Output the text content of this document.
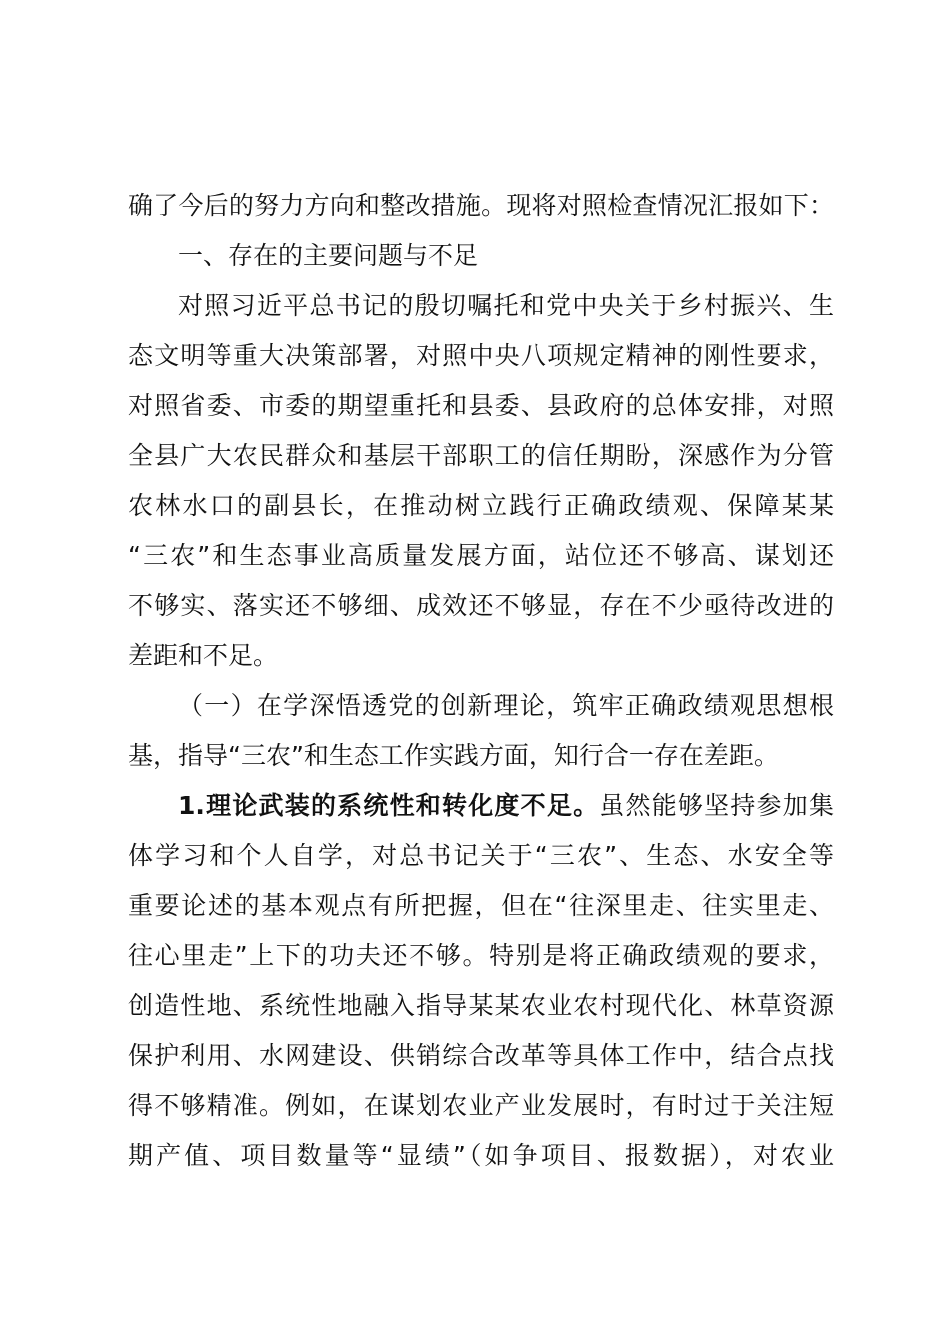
确了今后的努力方向和整改措施。现将对照检查情况汇报如下：
一、存在的主要问题与不足
对照习近平总书记的殷切嘱托和党中央关于乡村振兴、生
态文明等重大决策部署，对照中央八项规定精神的刚性要求，
对照省委、市委的期望重托和县委、县政府的总体安排，对照
全县广大农民群众和基层干部职工的信任期盼，深感作为分管
农林水口的副县长，在推动树立践行正确政绩观、保障某某
“三农”和生态事业高质量发展方面，站位还不够高、谋划还
不够实、落实还不够细、成效还不够显，存在不少亟待改进的
差距和不足。
（一）在学深悟透党的创新理论，筑牢正确政绩观思想根
基，指导“三农”和生态工作实践方面，知行合一存在差距。
1.理论武装的系统性和转化度不足。虽然能够坚持参加集
体学习和个人自学，对总书记关于“三农”、生态、水安全等
重要论述的基本观点有所把握，但在“往深里走、往实里走、
往心里走”上下的功夫还不够。特别是将正确政绩观的要求，
创造性地、系统性地融入指导某某农业农村现代化、林草资源
保护利用、水网建设、供销综合改革等具体工作中，结合点找
得不够精准。例如，在谋划农业产业发展时，有时过于关注短
期产值、项目数量等“显绩”（如争项目、报数据），对农业
